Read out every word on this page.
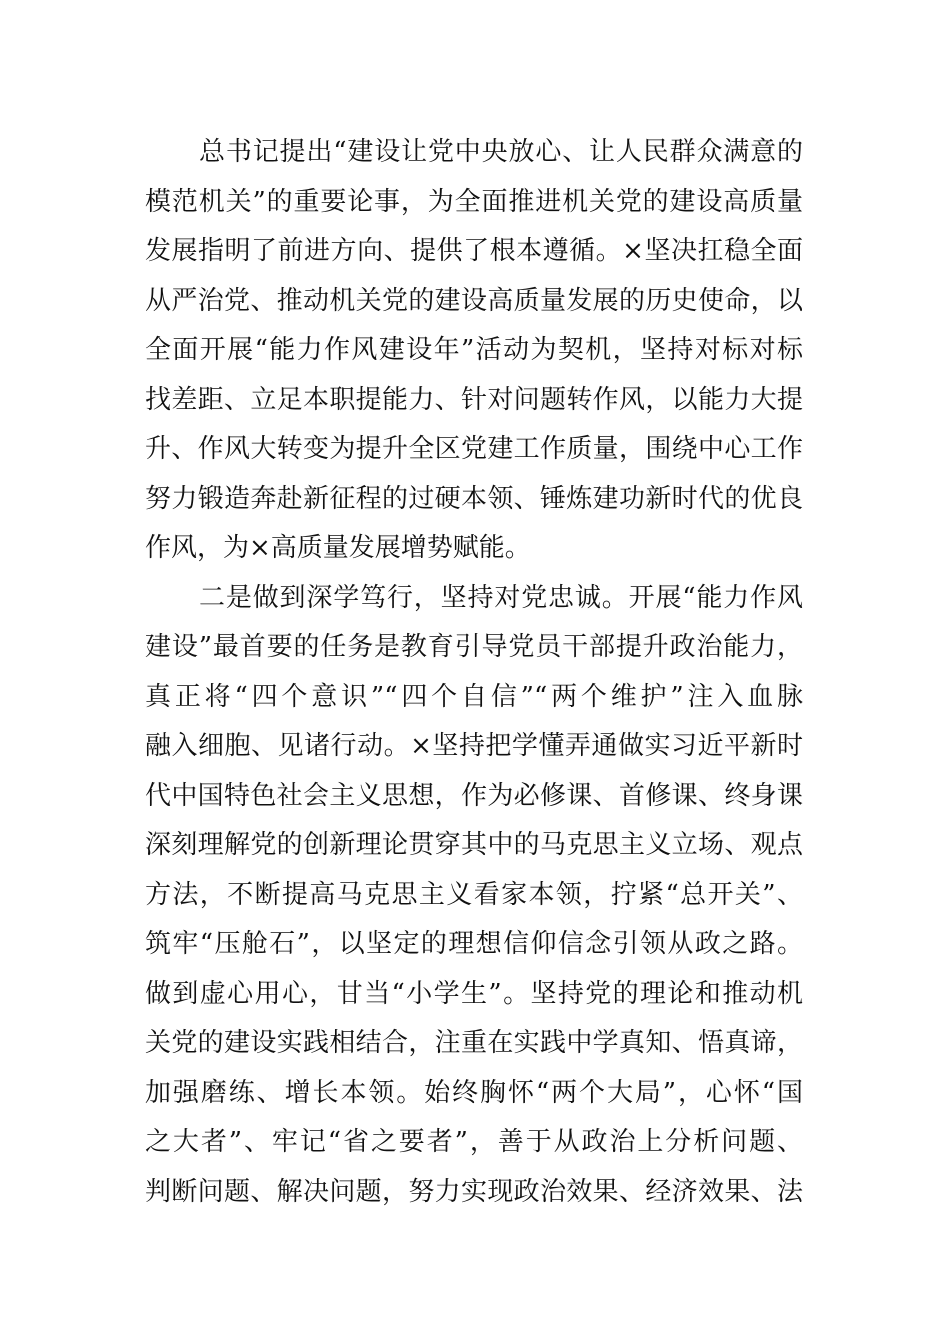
总书记提出“建设让党中央放心、让人民群众满意的
模范机关”的重要论事，为全面推进机关党的建设高质量
发展指明了前进方向、提供了根本遵循。×坚决扛稳全面
从严治党、推动机关党的建设高质量发展的历史使命，以
全面开展“能力作风建设年”活动为契机，坚持对标对标
找差距、立足本职提能力、针对问题转作风，以能力大提
升、作风大转变为提升全区党建工作质量，围绕中心工作
努力锻造奔赴新征程的过硬本领、锤炼建功新时代的优良
作风，为×高质量发展增势赋能。
二是做到深学笃行，坚持对党忠诚。开展“能力作风
建设”最首要的任务是教育引导党员干部提升政治能力，
真正将“四个意识”“四个自信”“两个维护”注入血脉
融入细胞、见诸行动。×坚持把学懂弄通做实习近平新时
代中国特色社会主义思想，作为必修课、首修课、终身课
深刻理解党的创新理论贯穿其中的马克思主义立场、观点
方法，不断提高马克思主义看家本领，拧紧“总开关”、
筑牢“压舱石”，以坚定的理想信仰信念引领从政之路。
做到虚心用心，甘当“小学生”。坚持党的理论和推动机
关党的建设实践相结合，注重在实践中学真知、悟真谛，
加强磨练、增长本领。始终胸怀“两个大局”，心怀“国
之大者”、牢记“省之要者”，善于从政治上分析问题、
判断问题、解决问题，努力实现政治效果、经济效果、法
